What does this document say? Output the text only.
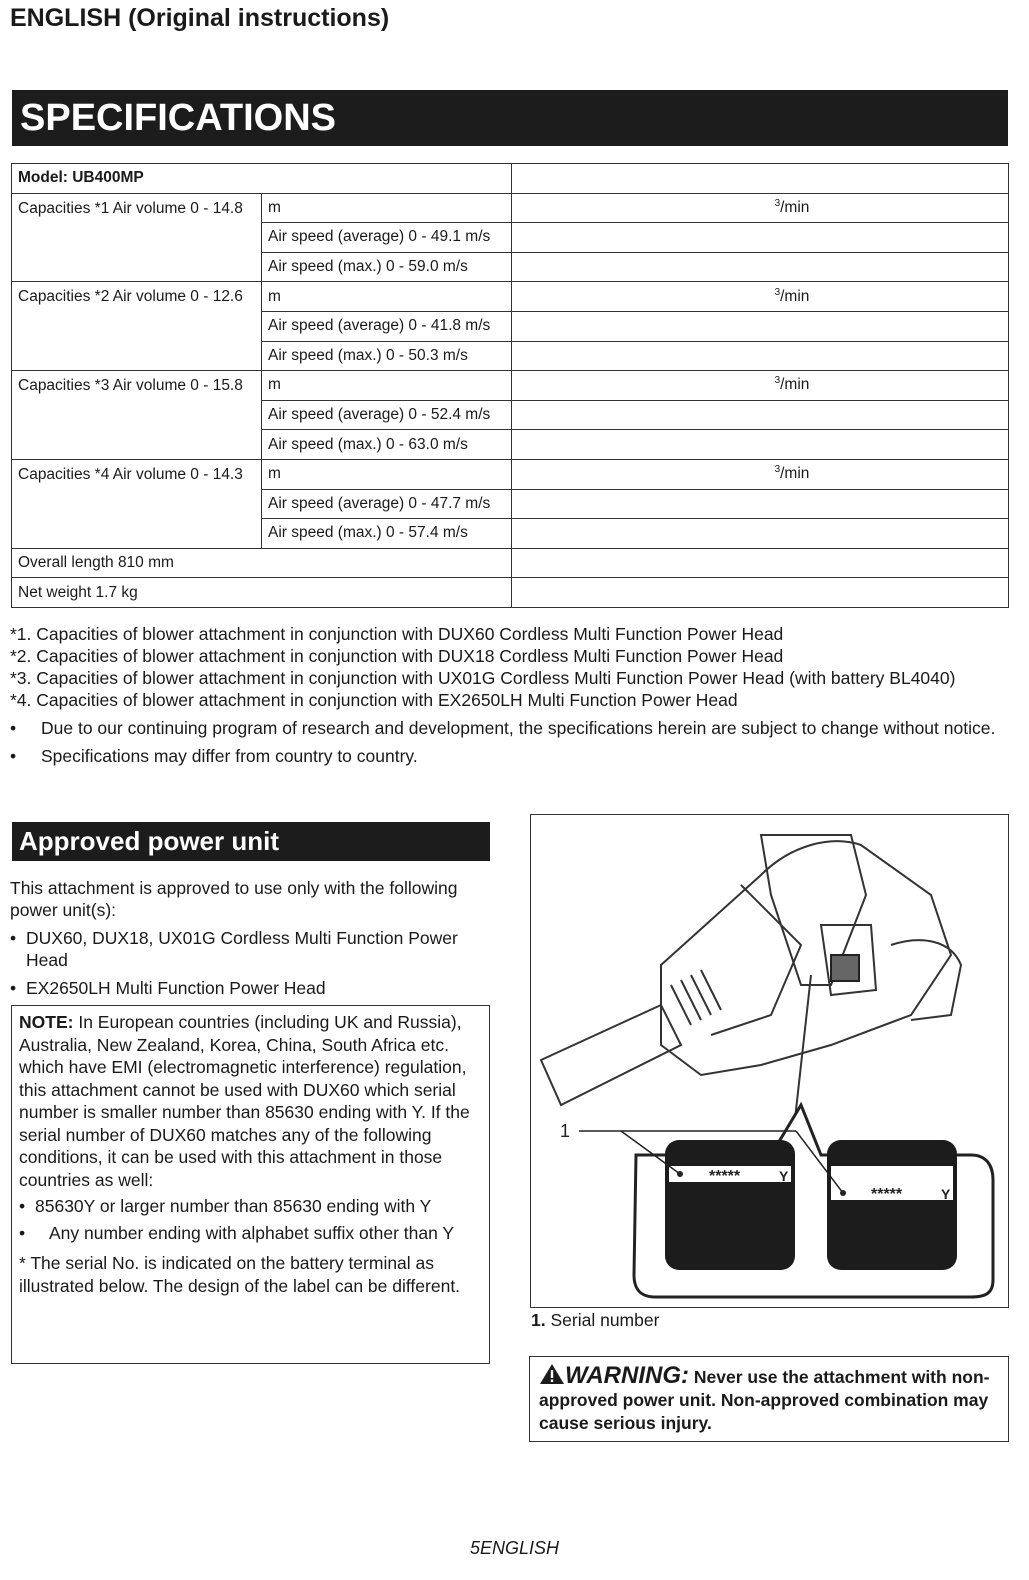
ENGLISH (Original instructions)
SPECIFICATIONS
Model: UB400MP		
Capacities *1 Air volume 0 - 14.8	m	$^3$/min
	Air speed (average) 0 - 49.1 m/s	
	Air speed (max.) 0 - 59.0 m/s	
Capacities *2 Air volume 0 - 12.6	m	$^3$/min
	Air speed (average) 0 - 41.8 m/s	
	Air speed (max.) 0 - 50.3 m/s	
Capacities *3 Air volume 0 - 15.8	m	$^3$/min
	Air speed (average) 0 - 52.4 m/s	
	Air speed (max.) 0 - 63.0 m/s	
Capacities *4 Air volume 0 - 14.3	m	$^3$/min
	Air speed (average) 0 - 47.7 m/s	
	Air speed (max.) 0 - 57.4 m/s	
Overall length 810 mm		
Net weight 1.7 kg		

*1. Capacities of blower attachment in conjunction with DUX60 Cordless Multi Function Power Head

*2. Capacities of blower attachment in conjunction with DUX18 Cordless Multi Function Power Head

*3. Capacities of blower attachment in conjunction with UX01G Cordless Multi Function Power Head (with battery BL4040)

*4. Capacities of blower attachment in conjunction with EX2650LH Multi Function Power Head

•	Due to our continuing program of research and development, the specifications herein are subject to change without notice.
•	Specifications may differ from country to country.
Approved power unit

This attachment is approved to use only with the following power unit(s):

• DUX60, DUX18, UX01G Cordless Multi Function Power Head
• EX2650LH Multi Function Power Head

NOTE: In European countries (including UK and Russia), Australia, New Zealand, Korea, China, South Africa etc. which have EMI (electromagnetic interference) regulation, this attachment cannot be used with DUX60 which serial number is smaller number than 85630 ending with Y. If the serial number of DUX60 matches any of the following conditions, it can be used with this attachment in those countries as well:

• 85630Y or larger number than 85630 ending with Y
•	Any number ending with alphabet suffix other than Y

* The serial No. is indicated on the battery terminal as illustrated below. The design of the label can be different.

1
*****	Y
*****	Y
1. Serial number
WARNING: Never use the attachment with non-approved power unit. Non-approved combination may cause serious injury.
5ENGLISH
